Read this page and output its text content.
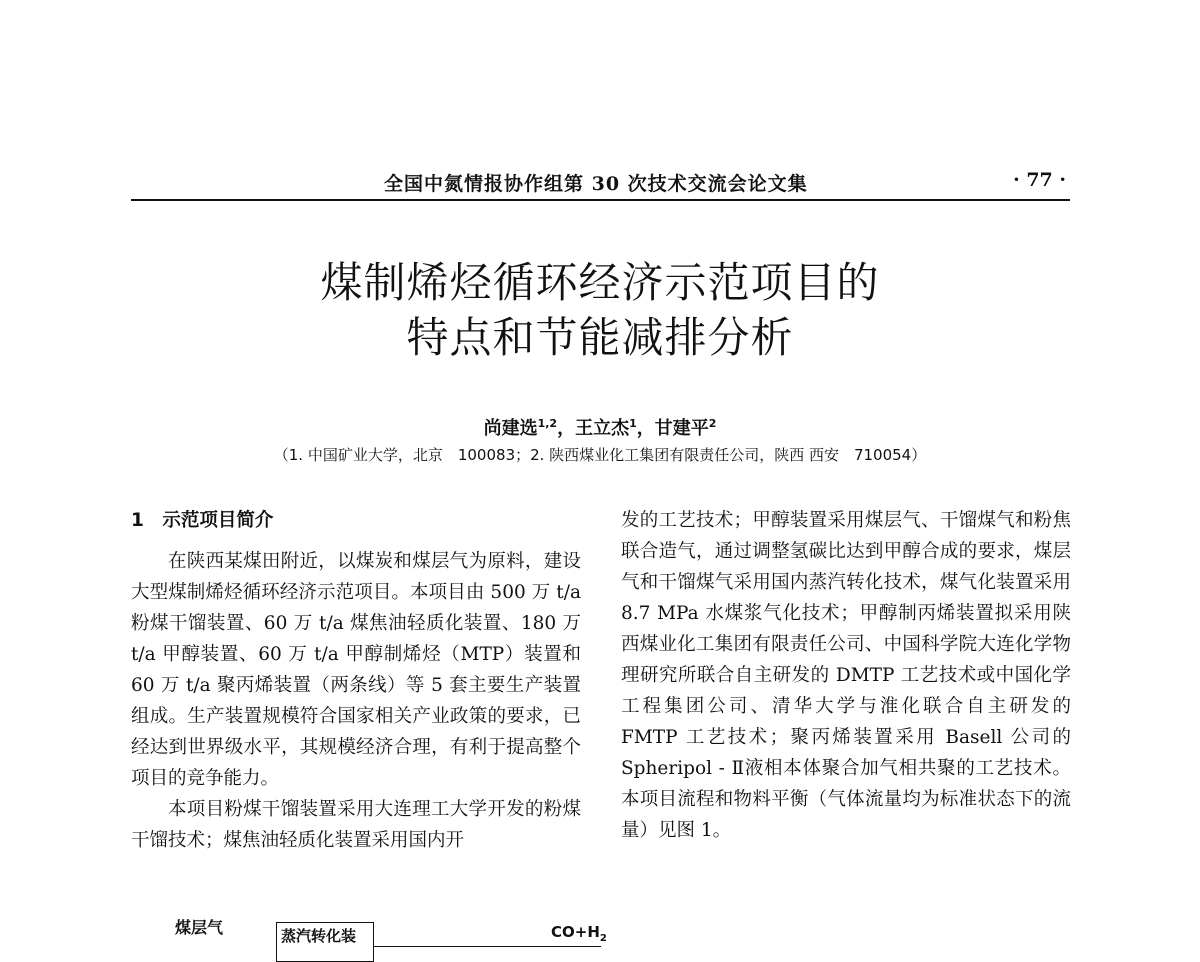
全国中氮情报协作组第 30 次技术交流会论文集	· 77 ·
煤制烯烃循环经济示范项目的
特点和节能减排分析
尚建选$^{1,2}$，王立杰$^1$，甘建平$^2$
（1. 中国矿业大学，北京　100083；2. 陕西煤业化工集团有限责任公司，陕西 西安　710054）
1　示范项目简介

在陕西某煤田附近，以煤炭和煤层气为原料，建设大型煤制烯烃循环经济示范项目。本项目由 500 万 t/a 粉煤干馏装置、60 万 t/a 煤焦油轻质化装置、180 万 t/a 甲醇装置、60 万 t/a 甲醇制烯烃（MTP）装置和 60 万 t/a 聚丙烯装置（两条线）等 5 套主要生产装置组成。生产装置规模符合国家相关产业政策的要求，已经达到世界级水平，其规模经济合理，有利于提高整个项目的竞争能力。

本项目粉煤干馏装置采用大连理工大学开发的粉煤干馏技术；煤焦油轻质化装置采用国内开

发的工艺技术；甲醇装置采用煤层气、干馏煤气和粉焦联合造气，通过调整氢碳比达到甲醇合成的要求，煤层气和干馏煤气采用国内蒸汽转化技术，煤气化装置采用 8.7 MPa 水煤浆气化技术；甲醇制丙烯装置拟采用陕西煤业化工集团有限责任公司、中国科学院大连化学物理研究所联合自主研发的 DMTP 工艺技术或中国化学工程集团公司、清华大学与淮化联合自主研发的 FMTP 工艺技术；聚丙烯装置采用 Basell 公司的 Spheripol - Ⅱ液相本体聚合加气相共聚的工艺技术。本项目流程和物料平衡（气体流量均为标准状态下的流量）见图 1。

煤层气	蒸汽转化装	$CO+H_2$
